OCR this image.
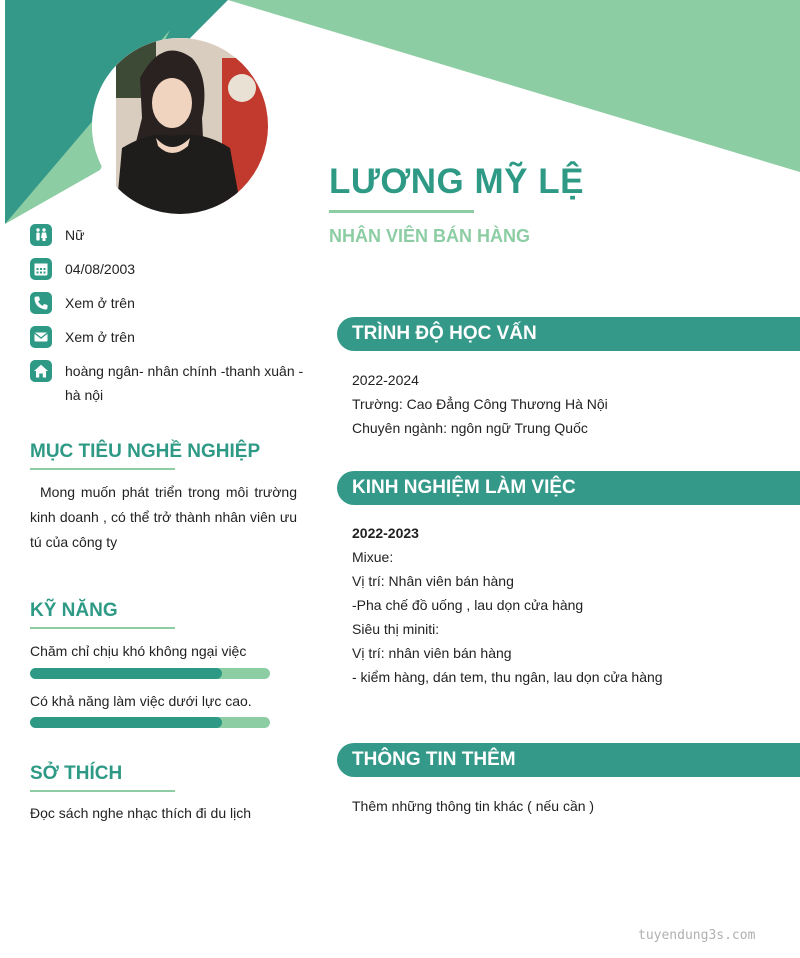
LƯƠNG MỸ LỆ
NHÂN VIÊN BÁN HÀNG
Nữ
04/08/2003
Xem ở trên
Xem ở trên
hoàng ngân- nhân chính -thanh xuân - hà nội
MỤC TIÊU NGHỀ NGHIỆP
Mong muốn phát triển trong môi trường kinh doanh , có thể trở thành nhân viên ưu tú của công ty
KỸ NĂNG
Chăm chỉ chịu khó không ngại việc
Có khả năng làm việc dưới lực cao.
SỞ THÍCH
Đọc sách nghe nhạc thích đi du lịch
TRÌNH ĐỘ HỌC VẤN
2022-2024
Trường: Cao Đẳng Công Thương Hà Nội
Chuyên ngành: ngôn ngữ Trung Quốc
KINH NGHIỆM LÀM VIỆC
2022-2023
Mixue:
Vị trí: Nhân viên bán hàng
-Pha chế đồ uống , lau dọn cửa hàng
Siêu thị miniti:
Vị trí: nhân viên bán hàng
- kiểm hàng, dán tem, thu ngân, lau dọn cửa hàng
THÔNG TIN THÊM
Thêm những thông tin khác ( nếu cần )
tuyendung3s.com
